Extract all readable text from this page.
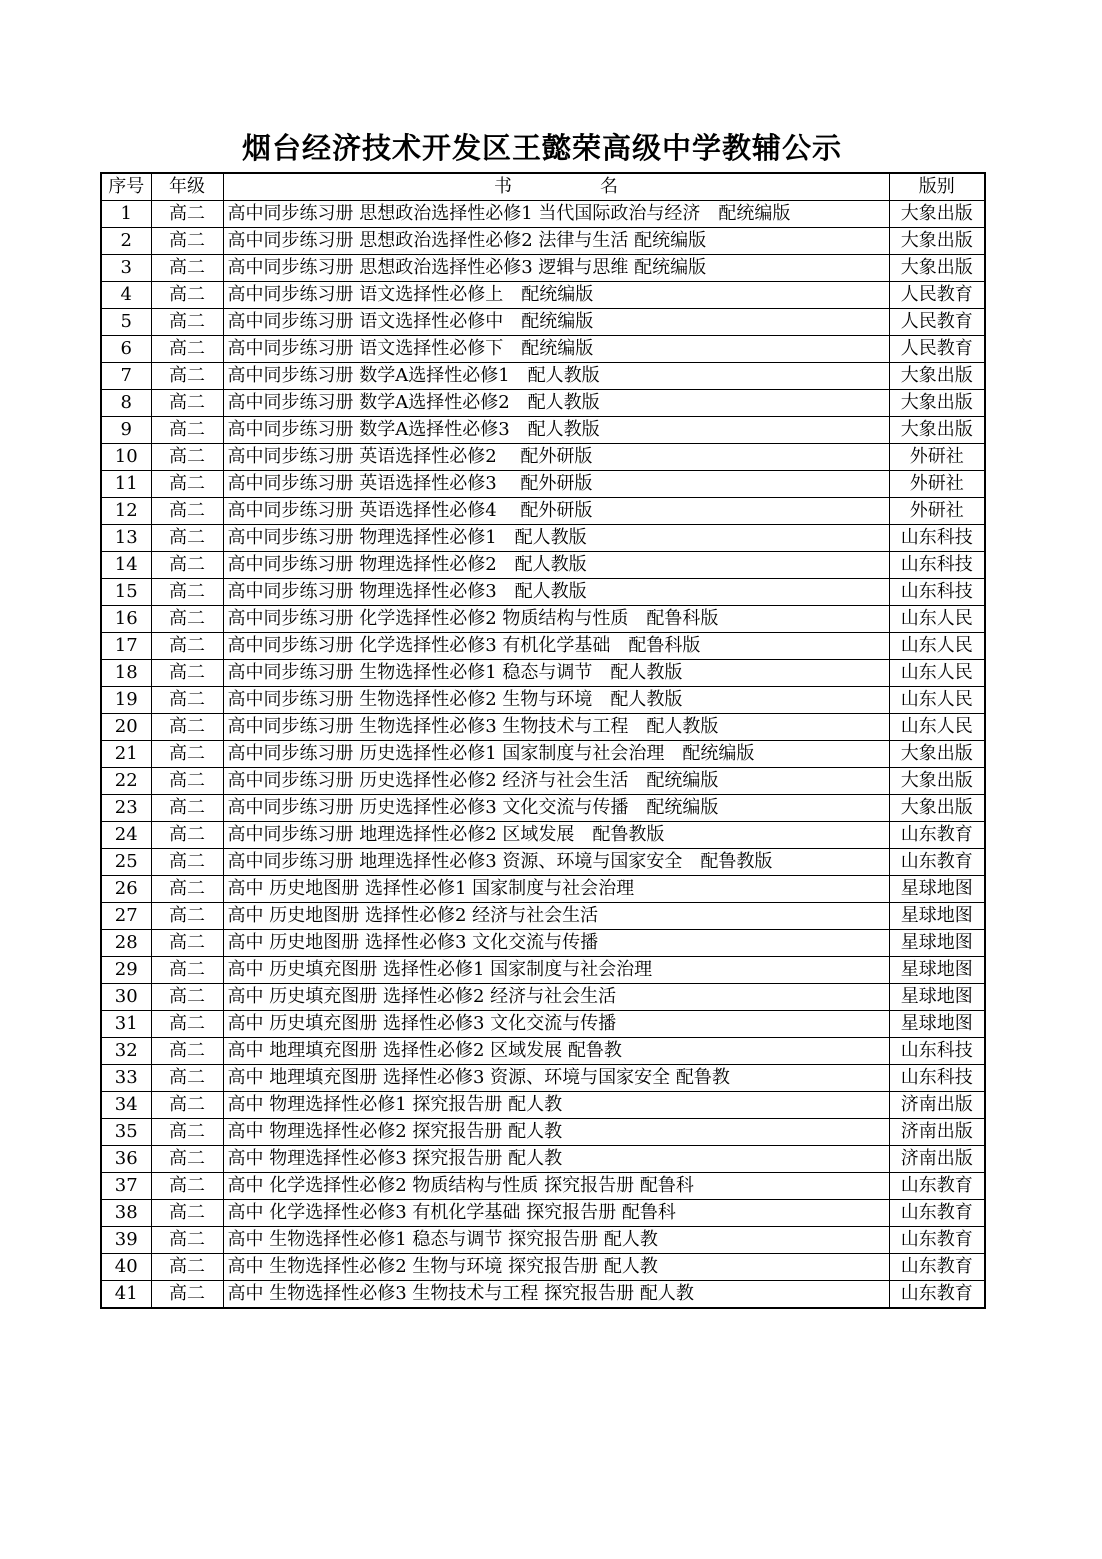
烟台经济技术开发区王懿荣高级中学教辅公示
序号	年级	书 名	版别
1	高二	高中同步练习册 思想政治选择性必修1 当代国际政治与经济　配统编版	大象出版
2	高二	高中同步练习册 思想政治选择性必修2 法律与生活 配统编版	大象出版
3	高二	高中同步练习册 思想政治选择性必修3 逻辑与思维 配统编版	大象出版
4	高二	高中同步练习册 语文选择性必修上　配统编版	人民教育
5	高二	高中同步练习册 语文选择性必修中　配统编版	人民教育
6	高二	高中同步练习册 语文选择性必修下　配统编版	人民教育
7	高二	高中同步练习册 数学A选择性必修1　配人教版	大象出版
8	高二	高中同步练习册 数学A选择性必修2　配人教版	大象出版
9	高二	高中同步练习册 数学A选择性必修3　配人教版	大象出版
10	高二	高中同步练习册 英语选择性必修2　 配外研版	外研社
11	高二	高中同步练习册 英语选择性必修3　 配外研版	外研社
12	高二	高中同步练习册 英语选择性必修4　 配外研版	外研社
13	高二	高中同步练习册 物理选择性必修1　配人教版	山东科技
14	高二	高中同步练习册 物理选择性必修2　配人教版	山东科技
15	高二	高中同步练习册 物理选择性必修3　配人教版	山东科技
16	高二	高中同步练习册 化学选择性必修2 物质结构与性质　配鲁科版	山东人民
17	高二	高中同步练习册 化学选择性必修3 有机化学基础　配鲁科版	山东人民
18	高二	高中同步练习册 生物选择性必修1 稳态与调节　配人教版	山东人民
19	高二	高中同步练习册 生物选择性必修2 生物与环境　配人教版	山东人民
20	高二	高中同步练习册 生物选择性必修3 生物技术与工程　配人教版	山东人民
21	高二	高中同步练习册 历史选择性必修1 国家制度与社会治理　配统编版	大象出版
22	高二	高中同步练习册 历史选择性必修2 经济与社会生活　配统编版	大象出版
23	高二	高中同步练习册 历史选择性必修3 文化交流与传播　配统编版	大象出版
24	高二	高中同步练习册 地理选择性必修2 区域发展　配鲁教版	山东教育
25	高二	高中同步练习册 地理选择性必修3 资源、环境与国家安全　配鲁教版	山东教育
26	高二	高中 历史地图册 选择性必修1 国家制度与社会治理	星球地图
27	高二	高中 历史地图册 选择性必修2 经济与社会生活	星球地图
28	高二	高中 历史地图册 选择性必修3 文化交流与传播	星球地图
29	高二	高中 历史填充图册 选择性必修1 国家制度与社会治理	星球地图
30	高二	高中 历史填充图册 选择性必修2 经济与社会生活	星球地图
31	高二	高中 历史填充图册 选择性必修3 文化交流与传播	星球地图
32	高二	高中 地理填充图册 选择性必修2 区域发展 配鲁教	山东科技
33	高二	高中 地理填充图册 选择性必修3 资源、环境与国家安全 配鲁教	山东科技
34	高二	高中 物理选择性必修1 探究报告册 配人教	济南出版
35	高二	高中 物理选择性必修2 探究报告册 配人教	济南出版
36	高二	高中 物理选择性必修3 探究报告册 配人教	济南出版
37	高二	高中 化学选择性必修2 物质结构与性质 探究报告册 配鲁科	山东教育
38	高二	高中 化学选择性必修3 有机化学基础 探究报告册 配鲁科	山东教育
39	高二	高中 生物选择性必修1 稳态与调节 探究报告册 配人教	山东教育
40	高二	高中 生物选择性必修2 生物与环境 探究报告册 配人教	山东教育
41	高二	高中 生物选择性必修3 生物技术与工程 探究报告册 配人教	山东教育
